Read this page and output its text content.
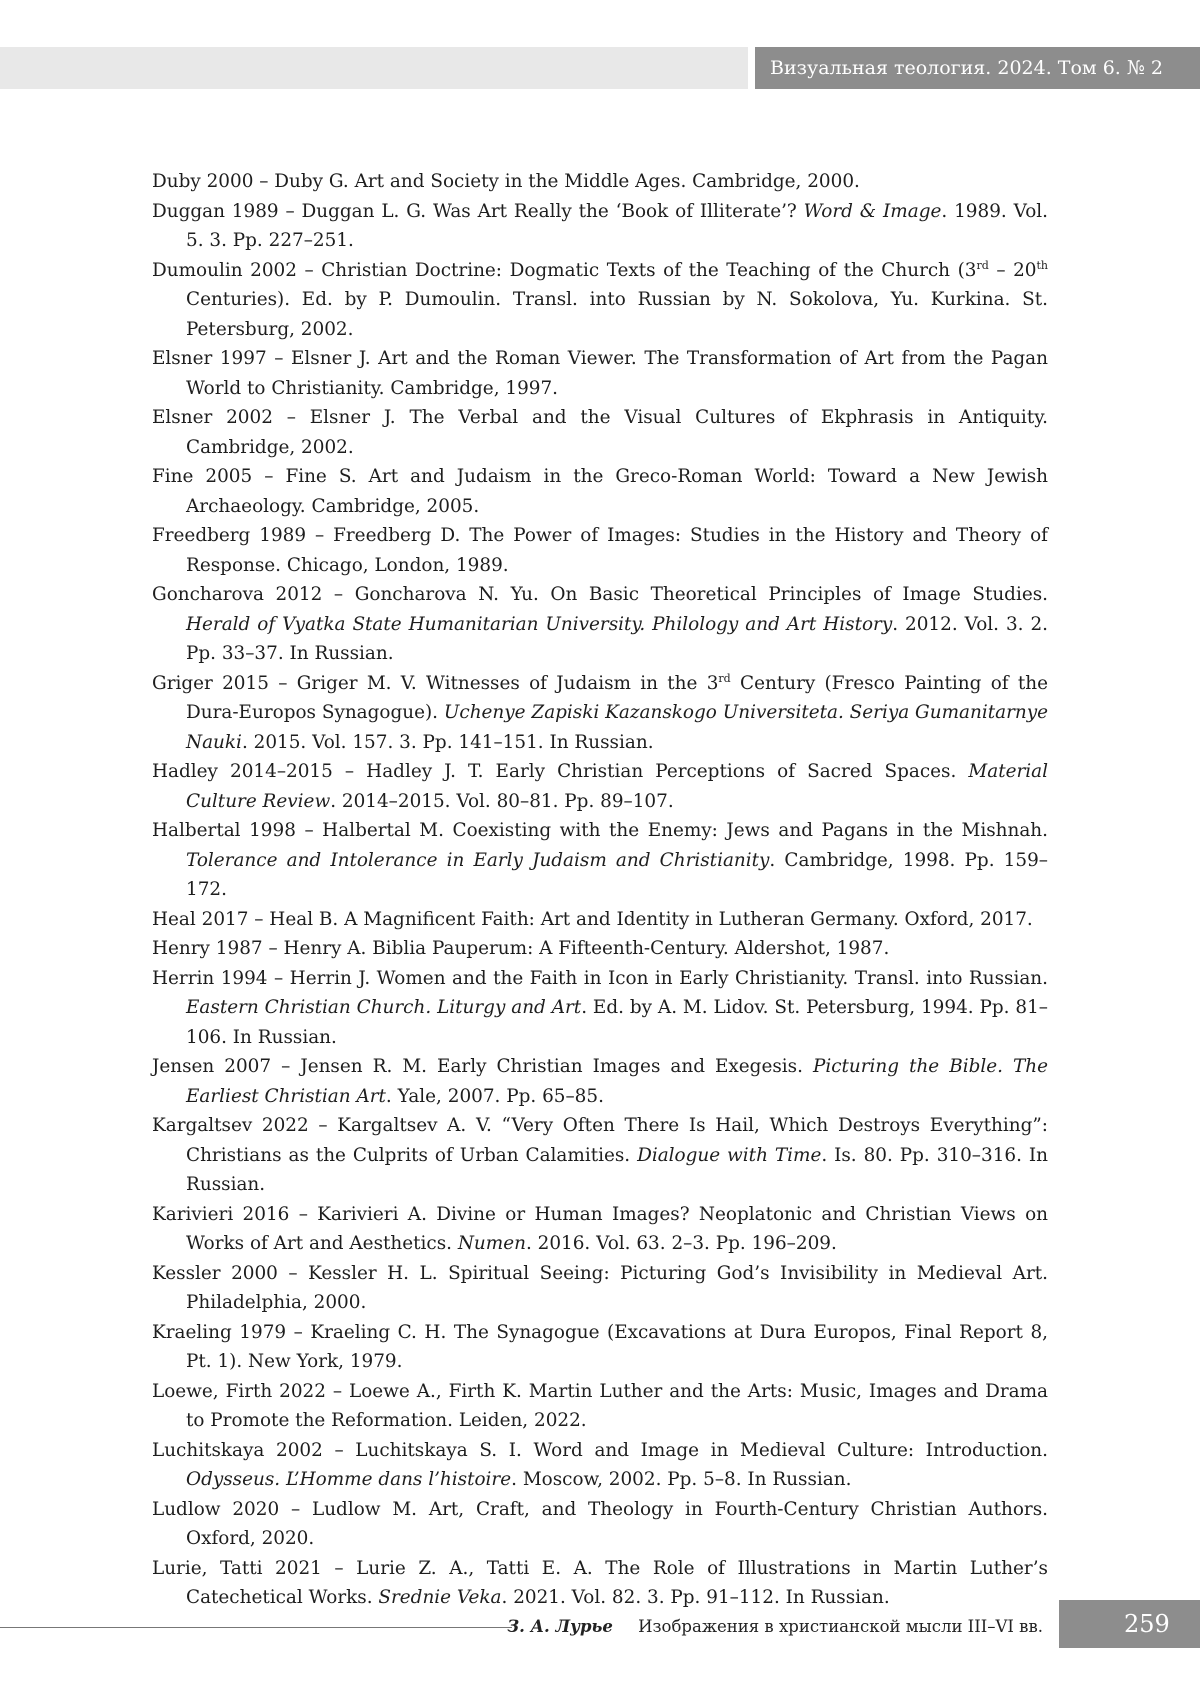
Визуальная теология. 2024. Том 6. № 2

Duby 2000 – Duby G. Art and Society in the Middle Ages. Cambridge, 2000.

Duggan 1989 – Duggan L. G. Was Art Really the ‘Book of Illiterate’? Word & Image. 1989. Vol. 5. 3. Pp. 227–251.

Dumoulin 2002 – Christian Doctrine: Dogmatic Texts of the Teaching of the Church (3rd – 20th Centuries). Ed. by P. Dumoulin. Transl. into Russian by N. Sokolova, Yu. Kurkina. St. Petersburg, 2002.

Elsner 1997 – Elsner J. Art and the Roman Viewer. The Transformation of Art from the Pagan World to Christianity. Cambridge, 1997.

Elsner 2002 – Elsner J. The Verbal and the Visual Cultures of Ekphrasis in Antiquity. Cambridge, 2002.

Fine 2005 – Fine S. Art and Judaism in the Greco-Roman World: Toward a New Jewish Archaeology. Cambridge, 2005.

Freedberg 1989 – Freedberg D. The Power of Images: Studies in the History and Theory of Response. Chicago, London, 1989.

Goncharova 2012 – Goncharova N. Yu. On Basic Theoretical Principles of Image Studies. Herald of Vyatka State Humanitarian University. Philology and Art History. 2012. Vol. 3. 2. Pp. 33–37. In Russian.

Griger 2015 – Griger M. V. Witnesses of Judaism in the 3rd Century (Fresco Painting of the Dura-Europos Synagogue). Uchenye Zapiski Kazanskogo Universiteta. Seriya Gumanitarnye Nauki. 2015. Vol. 157. 3. Pp. 141–151. In Russian.

Hadley 2014–2015 – Hadley J. T. Early Christian Perceptions of Sacred Spaces. Material Culture Review. 2014–2015. Vol. 80–81. Pp. 89–107.

Halbertal 1998 – Halbertal M. Coexisting with the Enemy: Jews and Pagans in the Mishnah. Tolerance and Intolerance in Early Judaism and Christianity. Cambridge, 1998. Pp. 159–172.

Heal 2017 – Heal B. A Magnificent Faith: Art and Identity in Lutheran Germany. Oxford, 2017.

Henry 1987 – Henry A. Biblia Pauperum: A Fifteenth-Century. Aldershot, 1987.

Herrin 1994 – Herrin J. Women and the Faith in Icon in Early Christianity. Transl. into Russian. Eastern Christian Church. Liturgy and Art. Ed. by A. M. Lidov. St. Petersburg, 1994. Pp. 81–106. In Russian.

Jensen 2007 – Jensen R. M. Early Christian Images and Exegesis. Picturing the Bible. The Earliest Christian Art. Yale, 2007. Pp. 65–85.

Kargaltsev 2022 – Kargaltsev A. V. “Very Often There Is Hail, Which Destroys Everything”: Christians as the Culprits of Urban Calamities. Dialogue with Time. Is. 80. Pp. 310–316. In Russian.

Karivieri 2016 – Karivieri A. Divine or Human Images? Neoplatonic and Christian Views on Works of Art and Aesthetics. Numen. 2016. Vol. 63. 2–3. Pp. 196–209.

Kessler 2000 – Kessler H. L. Spiritual Seeing: Picturing God’s Invisibility in Medieval Art. Philadelphia, 2000.

Kraeling 1979 – Kraeling C. H. The Synagogue (Excavations at Dura Europos, Final Report 8, Pt. 1). New York, 1979.

Loewe, Firth 2022 – Loewe A., Firth K. Martin Luther and the Arts: Music, Images and Drama to Promote the Reformation. Leiden, 2022.

Luchitskaya 2002 – Luchitskaya S. I. Word and Image in Medieval Culture: Introduction. Odysseus. L’Homme dans l’histoire. Moscow, 2002. Pp. 5–8. In Russian.

Ludlow 2020 – Ludlow M. Art, Craft, and Theology in Fourth-Century Christian Authors. Oxford, 2020.

Lurie, Tatti 2021 – Lurie Z. A., Tatti E. A. The Role of Illustrations in Martin Luther’s Catechetical Works. Srednie Veka. 2021. Vol. 82. 3. Pp. 91–112. In Russian.

З. А. Лурье Изображения в христианской мысли III–VI вв.	259
